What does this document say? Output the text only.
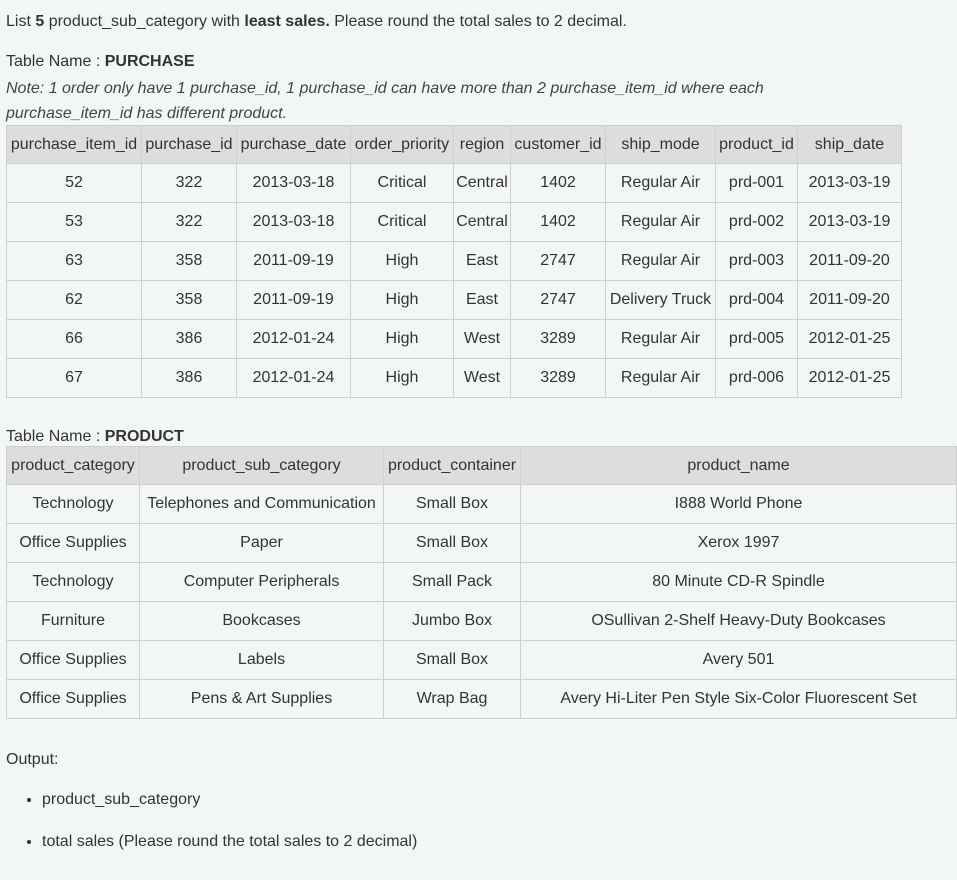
List 5 product_sub_category with least sales. Please round the total sales to 2 decimal.
Table Name : PURCHASE
Note: 1 order only have 1 purchase_id, 1 purchase_id can have more than 2 purchase_item_id where each purchase_item_id has different product.
purchase_item_id	purchase_id	purchase_date	order_priority	region	customer_id	ship_mode	product_id	ship_date
52	322	2013-03-18	Critical	Central	1402	Regular Air	prd-001	2013-03-19
53	322	2013-03-18	Critical	Central	1402	Regular Air	prd-002	2013-03-19
63	358	2011-09-19	High	East	2747	Regular Air	prd-003	2011-09-20
62	358	2011-09-19	High	East	2747	Delivery Truck	prd-004	2011-09-20
66	386	2012-01-24	High	West	3289	Regular Air	prd-005	2012-01-25
67	386	2012-01-24	High	West	3289	Regular Air	prd-006	2012-01-25
Table Name : PRODUCT
product_category	product_sub_category	product_container	product_name
Technology	Telephones and Communication	Small Box	I888 World Phone
Office Supplies	Paper	Small Box	Xerox 1997
Technology	Computer Peripherals	Small Pack	80 Minute CD-R Spindle
Furniture	Bookcases	Jumbo Box	OSullivan 2-Shelf Heavy-Duty Bookcases
Office Supplies	Labels	Small Box	Avery 501
Office Supplies	Pens & Art Supplies	Wrap Bag	Avery Hi-Liter Pen Style Six-Color Fluorescent Set
Output:
• product_sub_category
• total sales (Please round the total sales to 2 decimal)
